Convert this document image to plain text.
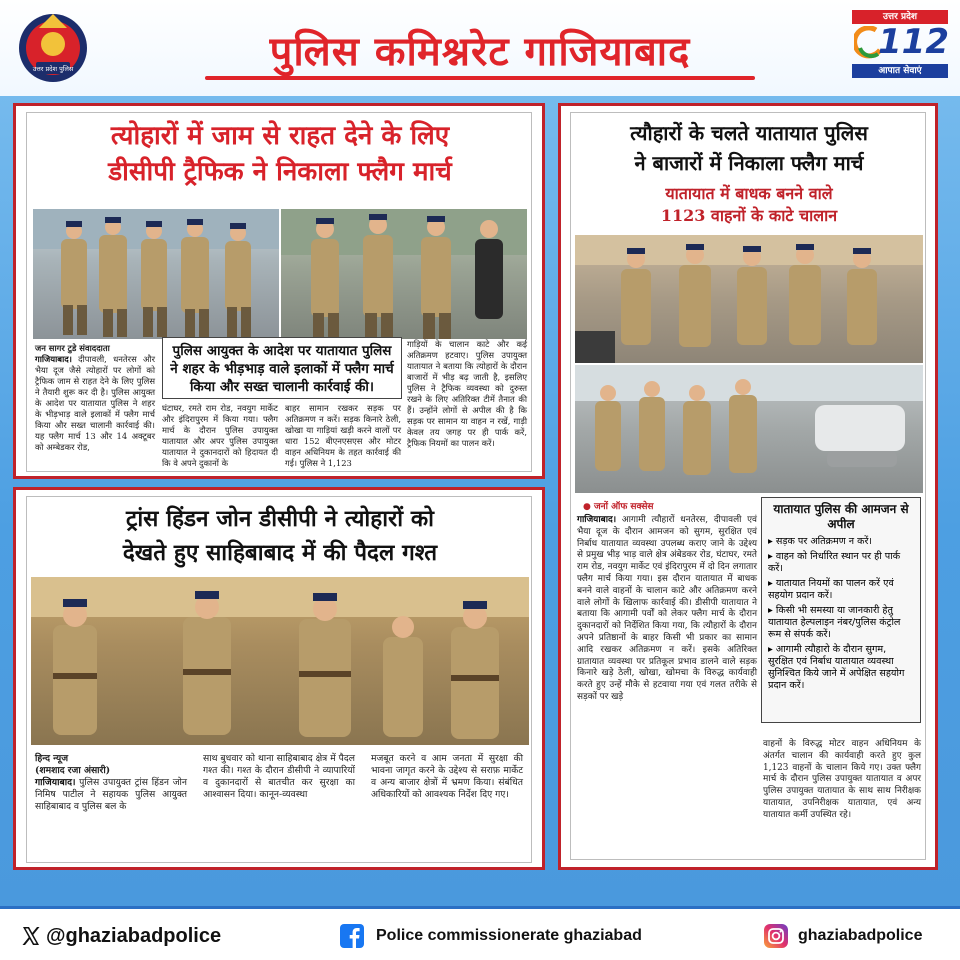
उत्तर प्रदेश पुलिस	पुलिस कमिश्नरेट गाजियाबाद
उत्तर प्रदेश
112
आपात सेवाएं
त्योहारों में जाम से राहत देने के लिए
डीसीपी ट्रैफिक ने निकाला फ्लैग मार्च
पुलिस आयुक्त के आदेश पर यातायात पुलिस ने शहर के भीड़भाड़ वाले इलाकों में फ्लैग मार्च किया और सख्त चालानी कार्रवाई की।
जन सागर टुडे संवाददाता
गाजियाबाद। दीपावली, धनतेरस और भैया दूज जैसे त्योहारों पर लोगों को ट्रैफिक जाम से राहत देने के लिए पुलिस ने तैयारी शुरू कर दी है। पुलिस आयुक्त के आदेश पर यातायात पुलिस ने शहर के भीड़भाड़ वाले इलाकों में फ्लैग मार्च किया और सख्त चालानी कार्रवाई की। यह फ्लैग मार्च 13 और 14 अक्टूबर को अम्बेडकर रोड,
घंटाघर, रमते राम रोड, नवयुग मार्केट और इंदिरापुरम में किया गया। फ्लैग मार्च के दौरान पुलिस उपायुक्त यातायात और अपर पुलिस उपायुक्त यातायात ने दुकानदारों को हिदायत दी कि वे अपने दुकानों के
बाहर सामान रखकर सड़क पर अतिक्रमण न करें। सड़क किनारे ठेली, खोखा या गाड़ियां खड़ी करने वालों पर धारा 152 बीएनएसएस और मोटर वाहन अधिनियम के तहत कार्रवाई की गई। पुलिस ने 1,123
गाड़ियों के चालान काटे और कई अतिक्रमण हटवाए। पुलिस उपायुक्त यातायात ने बताया कि त्योहारों के दौरान बाजारों में भीड़ बढ़ जाती है, इसलिए पुलिस ने ट्रैफिक व्यवस्था को दुरुस्त रखने के लिए अतिरिक्त टीमें तैनात की हैं। उन्होंने लोगों से अपील की है कि सड़क पर सामान या वाहन न रखें, गाड़ी केवल तय जगह पर ही पार्क करें, ट्रैफिक नियमों का पालन करें।
त्यौहारों के चलते यातायात पुलिस
ने बाजारों में निकाला फ्लैग मार्च
यातायात में बाधक बनने वाले
1123 वाहनों के काटे चालान
● जनों ऑफ सक्सेस
गाजियाबाद। आगामी त्यौहारों धनतेरस, दीपावली एवं भैया दूज के दौरान आमजन को सुगम, सुरक्षित एवं निर्बाध यातायात व्यवस्था उपलब्ध कराए जाने के उद्देश्य से प्रमुख भीड़ भाड़ वाले क्षेत्र अंबेडकर रोड, घंटाघर, रमते राम रोड, नवयुग मार्केट एवं इंदिरापुरम में दो दिन लगातार फ्लैग मार्च किया गया। इस दौरान यातायात में बाधक बनने वाले वाहनों के चालान काटे और अतिक्रमण करने वाले लोगों के खिलाफ कार्रवाई की। डीसीपी यातायात ने बताया कि आगामी पर्वों को लेकर फ्लैग मार्च के दौरान दुकानदारों को निर्देशित किया गया, कि त्यौहारों के दौरान अपने प्रतिष्ठानों के बाहर किसी भी प्रकार का सामान आदि रखकर अतिक्रमण न करें। इसके अतिरिक्त ग्रातायात व्यवस्था पर प्रतिकूल प्रभाव डालने वाले सड़क किनारे खड़े ठेली, खोखा, खोमचा के विरुद्ध कार्यवाही करते हुए उन्हें मौके से हटवाया गया एवं गलत तरीके से सड़कों पर खड़े
यातायात पुलिस की आमजन से अपील
▸ सड़क पर अतिक्रमण न करें।
▸ वाहन को निर्धारित स्थान पर ही पार्क करें।
▸ यातायात नियमों का पालन करें एवं सहयोग प्रदान करें।
▸ किसी भी समस्या या जानकारी हेतु यातायात हेल्पलाइन नंबर/पुलिस कंट्रोल रूम से संपर्क करें।
▸ आगामी त्यौहारो के दौरान सुगम, सुरक्षित एवं निर्बाध यातायात व्यवस्था सुनिश्चित किये जाने में अपेक्षित सहयोग प्रदान करें।
वाहनों के विरुद्ध मोटर वाहन अधिनियम के अंतर्गत चालान की कार्यवाही करते हुए कुल 1,123 वाहनों के चालान किये गए। उक्त फ्लैग मार्च के दौरान पुलिस उपायुक्त यातायात व अपर पुलिस उपायुक्त यातायात के साथ साथ निरीक्षक यातायात, उपनिरीक्षक यातायात, एवं अन्य यातायात कर्मी उपस्थित रहे।
ट्रांस हिंडन जोन डीसीपी ने त्योहारों को
देखते हुए साहिबाबाद में की पैदल गश्त
हिन्द न्यूज
(शमशाद रजा अंसारी)
गाजियाबाद। पुलिस उपायुक्त ट्रांस हिंडन जोन निमिष पाटील ने सहायक पुलिस आयुक्त साहिबाबाद व पुलिस बल के
साथ बुधवार को थाना साहिबाबाद क्षेत्र में पैदल गश्त की। गश्त के दौरान डीसीपी ने व्यापारियों व दुकानदारों से बातचीत कर सुरक्षा का आश्वासन दिया। कानून-व्यवस्था
मजबूत करने व आम जनता में सुरक्षा की भावना जागृत करने के उद्देश्य से सराफ़ मार्केट व अन्य बाजार क्षेत्रों में भ्रमण किया। संबंधित अधिकारियों को आवश्यक निर्देश दिए गए।
@ghaziabadpolice	Police commissionerate ghaziabad	ghaziabadpolice
